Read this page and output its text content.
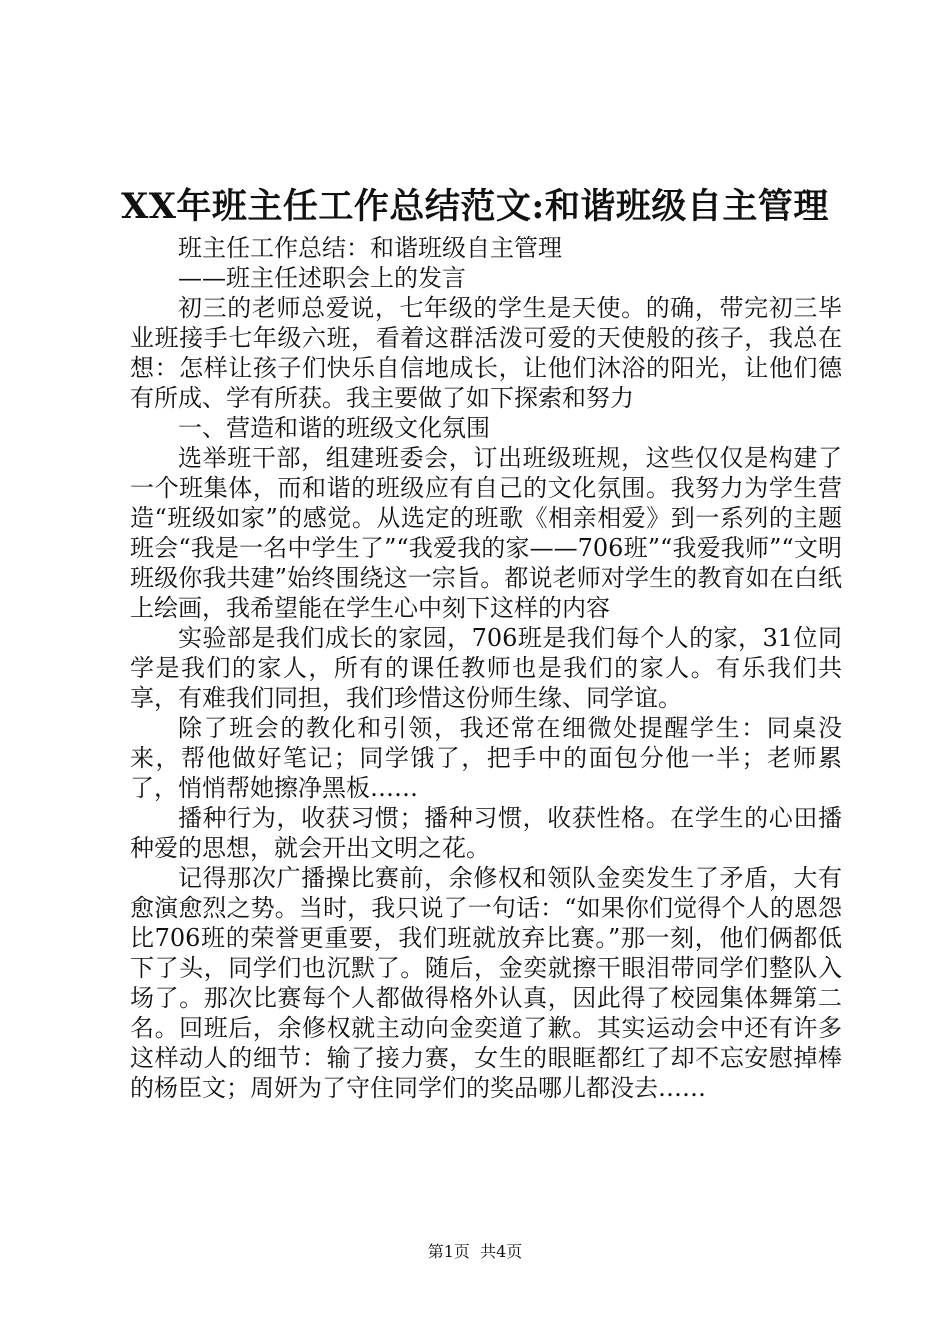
XX年班主任工作总结范文:和谐班级自主管理

班主任工作总结：和谐班级自主管理

——班主任述职会上的发言

初三的老师总爱说，七年级的学生是天使。的确，带完初三毕业班接手七年级六班，看着这群活泼可爱的天使般的孩子，我总在想：怎样让孩子们快乐自信地成长，让他们沐浴的阳光，让他们德有所成、学有所获。我主要做了如下探索和努力

一、营造和谐的班级文化氛围

选举班干部，组建班委会，订出班级班规，这些仅仅是构建了一个班集体，而和谐的班级应有自己的文化氛围。我努力为学生营造“班级如家”的感觉。从选定的班歌《相亲相爱》到一系列的主题班会“我是一名中学生了”“我爱我的家——706班”“我爱我师”“文明班级你我共建”始终围绕这一宗旨。都说老师对学生的教育如在白纸上绘画，我希望能在学生心中刻下这样的内容

实验部是我们成长的家园，706班是我们每个人的家，31位同学是我们的家人，所有的课任教师也是我们的家人。有乐我们共享，有难我们同担，我们珍惜这份师生缘、同学谊。

除了班会的教化和引领，我还常在细微处提醒学生：同桌没来，帮他做好笔记；同学饿了，把手中的面包分他一半；老师累了，悄悄帮她擦净黑板……

播种行为，收获习惯；播种习惯，收获性格。在学生的心田播种爱的思想，就会开出文明之花。

记得那次广播操比赛前，余修权和领队金奕发生了矛盾，大有愈演愈烈之势。当时，我只说了一句话：“如果你们觉得个人的恩怨比706班的荣誉更重要，我们班就放弃比赛。”那一刻，他们俩都低下了头，同学们也沉默了。随后，金奕就擦干眼泪带同学们整队入场了。那次比赛每个人都做得格外认真，因此得了校园集体舞第二名。回班后，余修权就主动向金奕道了歉。其实运动会中还有许多这样动人的细节：输了接力赛，女生的眼眶都红了却不忘安慰掉棒的杨臣文；周妍为了守住同学们的奖品哪儿都没去……

第1页  共4页
